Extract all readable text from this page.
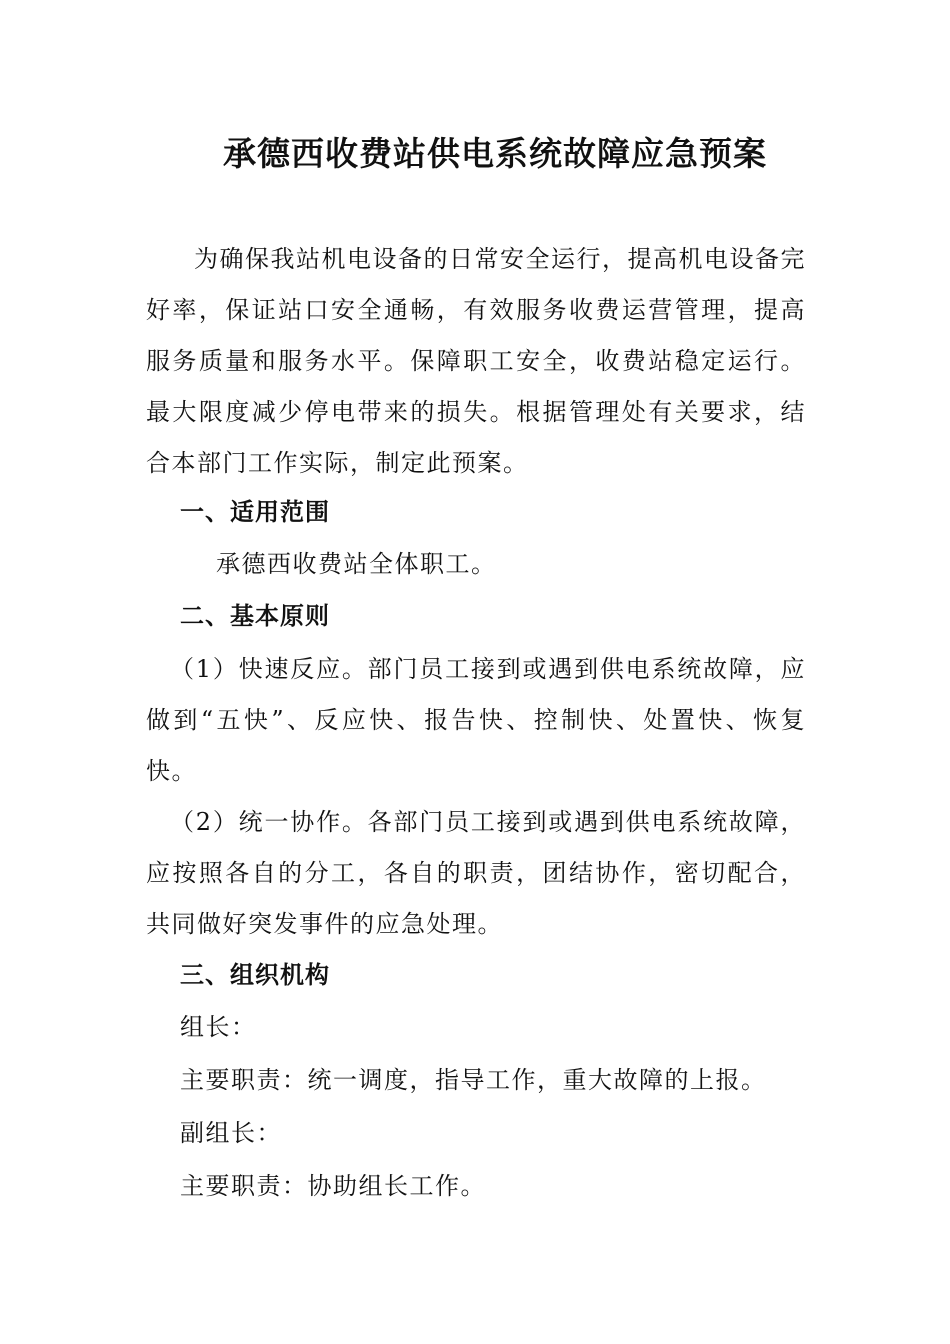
承德西收费站供电系统故障应急预案

为确保我站机电设备的日常安全运行，提高机电设备完好率，保证站口安全通畅，有效服务收费运营管理，提高服务质量和服务水平。保障职工安全，收费站稳定运行。最大限度减少停电带来的损失。根据管理处有关要求，结合本部门工作实际，制定此预案。

一、适用范围
承德西收费站全体职工。
二、基本原则

（1）快速反应。部门员工接到或遇到供电系统故障，应做到“五快”、反应快、报告快、控制快、处置快、恢复快。

（2）统一协作。各部门员工接到或遇到供电系统故障，应按照各自的分工，各自的职责，团结协作，密切配合，共同做好突发事件的应急处理。

三、组织机构
组长：
主要职责：统一调度，指导工作，重大故障的上报。
副组长：
主要职责：协助组长工作。
